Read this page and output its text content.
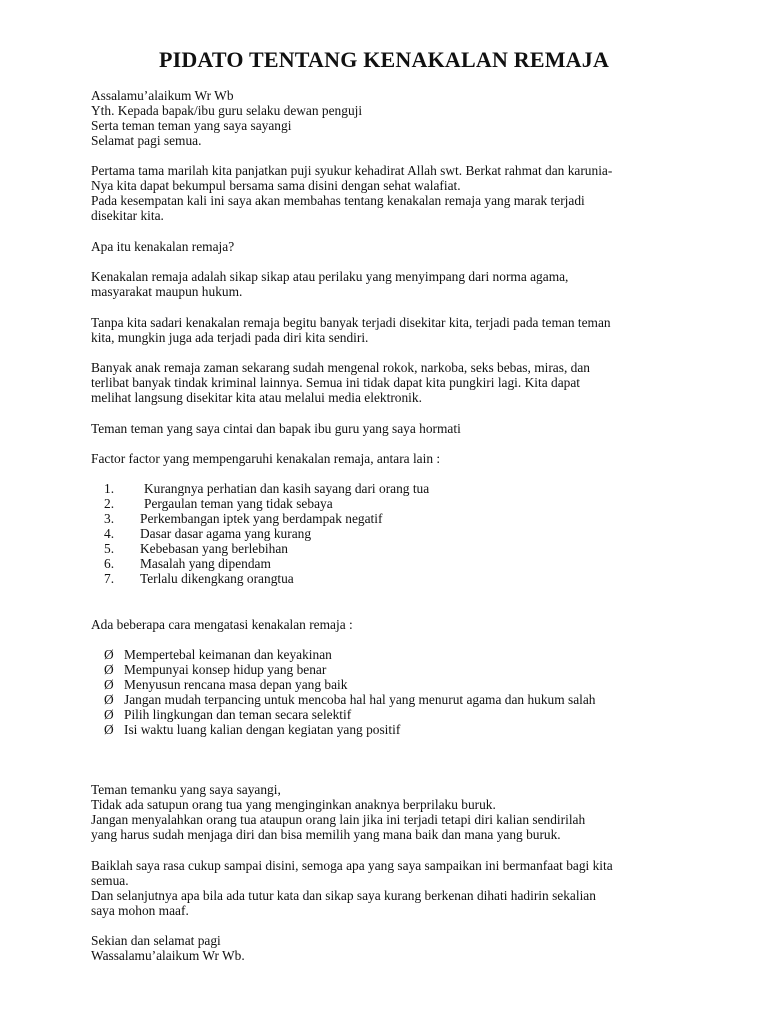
PIDATO TENTANG KENAKALAN REMAJA
Assalamu’alaikum Wr Wb
Yth. Kepada bapak/ibu guru selaku dewan penguji
Serta teman teman yang saya sayangi
Selamat pagi semua.
Pertama tama marilah kita panjatkan puji syukur kehadirat Allah swt. Berkat rahmat dan karunia-
Nya kita dapat bekumpul bersama sama disini dengan sehat walafiat.
Pada kesempatan kali ini saya akan membahas tentang kenakalan remaja yang marak terjadi
disekitar kita.
Apa itu kenakalan remaja?
Kenakalan remaja adalah sikap sikap atau perilaku yang menyimpang dari norma agama,
masyarakat maupun hukum.
Tanpa kita sadari kenakalan remaja begitu banyak terjadi disekitar kita, terjadi pada teman teman
kita, mungkin juga ada terjadi pada diri kita sendiri.
Banyak anak remaja zaman sekarang sudah mengenal rokok, narkoba, seks bebas, miras, dan
terlibat banyak tindak kriminal lainnya. Semua ini tidak dapat kita pungkiri lagi. Kita dapat
melihat langsung disekitar kita atau melalui media elektronik.
Teman teman yang saya cintai dan bapak ibu guru yang saya hormati
Factor factor yang mempengaruhi kenakalan remaja, antara lain :
1. Kurangnya perhatian dan kasih sayang dari orang tua
2. Pergaulan teman yang tidak sebaya
3. Perkembangan iptek yang berdampak negatif
4. Dasar dasar agama yang kurang
5. Kebebasan yang berlebihan
6. Masalah yang dipendam
7. Terlalu dikengkang orangtua
Ada beberapa cara mengatasi kenakalan remaja :
Ø Mempertebal keimanan dan keyakinan
Ø Mempunyai konsep hidup yang benar
Ø Menyusun rencana masa depan yang baik
Ø Jangan mudah terpancing untuk mencoba hal hal yang menurut agama dan hukum salah
Ø Pilih lingkungan dan teman secara selektif
Ø Isi waktu luang kalian dengan kegiatan yang positif
Teman temanku yang saya sayangi,
Tidak ada satupun orang tua yang menginginkan anaknya berprilaku buruk.
Jangan menyalahkan orang tua ataupun orang lain jika ini terjadi tetapi diri kalian sendirilah
yang harus sudah menjaga diri dan bisa memilih yang mana baik dan mana yang buruk.
Baiklah saya rasa cukup sampai disini, semoga apa yang saya sampaikan ini bermanfaat bagi kita
semua.
Dan selanjutnya apa bila ada tutur kata dan sikap saya kurang berkenan dihati hadirin sekalian
saya mohon maaf.
Sekian dan selamat pagi
Wassalamu’alaikum Wr Wb.
